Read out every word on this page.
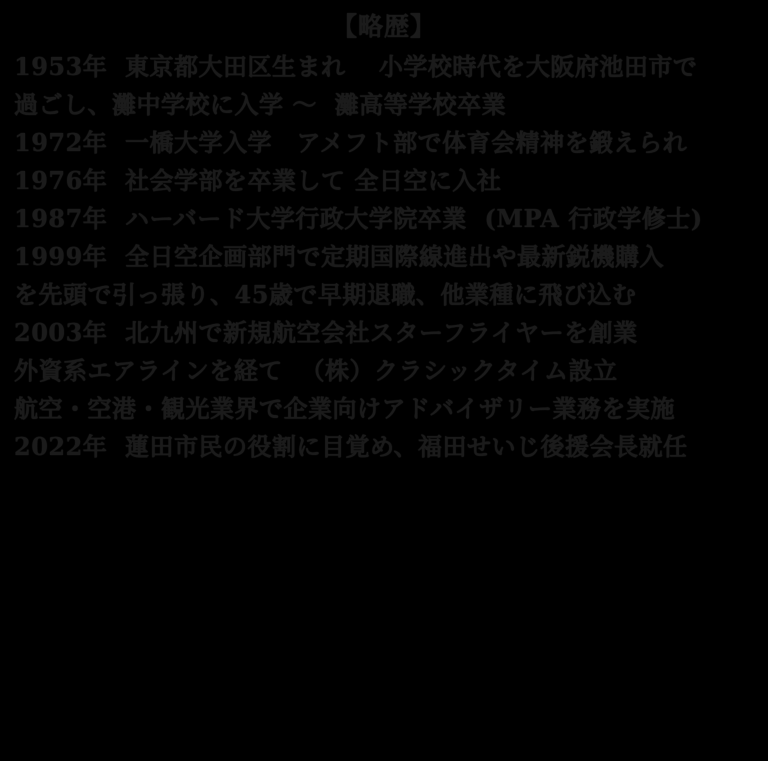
【略歴】
1953年  東京都大田区生まれ　 小学校時代を大阪府池田市で
過ごし、灘中学校に入学 〜  灘高等学校卒業
1972年  一橋大学入学　アメフト部で体育会精神を鍛えられ
1976年  社会学部を卒業して 全日空に入社
1987年  ハーバード大学行政大学院卒業  (MPA 行政学修士)
1999年  全日空企画部門で定期国際線進出や最新鋭機購入
を先頭で引っ張り、45歳で早期退職、他業種に飛び込む
2003年  北九州で新規航空会社スターフライヤーを創業
外資系エアラインを経て  （株）クラシックタイム設立
航空・空港・観光業界で企業向けアドバイザリー業務を実施
2022年  蓮田市民の役割に目覚め、福田せいじ後援会長就任
